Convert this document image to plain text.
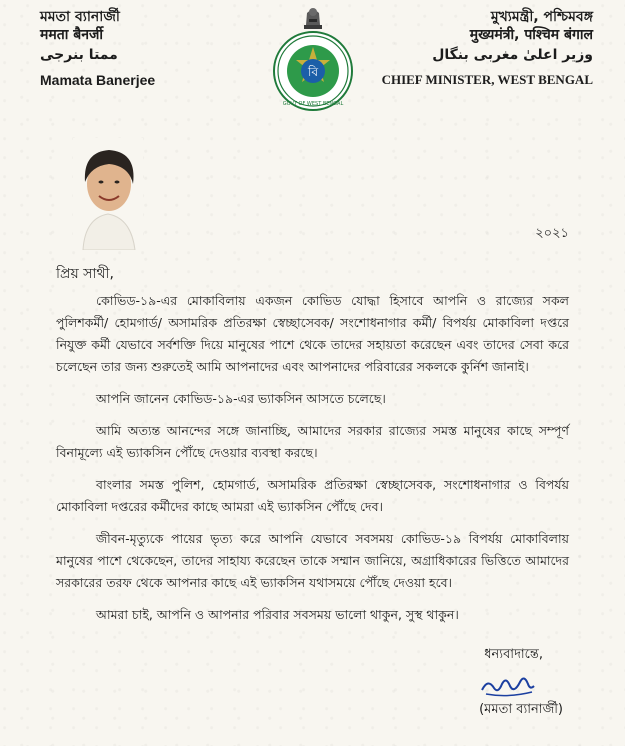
মমতা ব্যানার্জী
ममता बैनर्जी
ممتا بنرجی
Mamata Banerjee
মুখ্যমন্ত্রী, পশ্চিমবঙ্গ
मुख्यमंत्री, पश्चिम बंगाल
وزیر اعلیٰ مغربی بنگال
CHIEF MINISTER, WEST BENGAL
বি
GOVT OF WEST BENGAL
২০২১
প্রিয় সাথী,

কোভিড-১৯-এর মোকাবিলায় একজন কোভিড যোদ্ধা হিসাবে আপনি ও রাজ্যের সকল পুলিশকর্মী/ হোমগার্ড/ অসামরিক প্রতিরক্ষা স্বেচ্ছাসেবক/ সংশোধনাগার কর্মী/ বিপর্যয় মোকাবিলা দপ্তরে নিযুক্ত কর্মী যেভাবে সর্বশক্তি দিয়ে মানুষের পাশে থেকে তাদের সহায়তা করেছেন এবং তাদের সেবা করে চলেছেন তার জন্য শুরুতেই আমি আপনাদের এবং আপনাদের পরিবারের সকলকে কুর্নিশ জানাই।

আপনি জানেন কোভিড-১৯-এর ভ্যাকসিন আসতে চলেছে।

আমি অত্যন্ত আনন্দের সঙ্গে জানাচ্ছি, আমাদের সরকার রাজ্যের সমস্ত মানুষের কাছে সম্পূর্ণ বিনামূল্যে এই ভ্যাকসিন পৌঁছে দেওয়ার ব্যবস্থা করছে।

বাংলার সমস্ত পুলিশ, হোমগার্ড, অসামরিক প্রতিরক্ষা স্বেচ্ছাসেবক, সংশোধনাগার ও বিপর্যয় মোকাবিলা দপ্তরের কর্মীদের কাছে আমরা এই ভ্যাকসিন পৌঁছে দেব।

জীবন-মৃত্যুকে পায়ের ভৃত্য করে আপনি যেভাবে সবসময় কোভিড-১৯ বিপর্যয় মোকাবিলায় মানুষের পাশে থেকেছেন, তাদের সাহায্য করেছেন তাকে সম্মান জানিয়ে, অগ্রাধিকারের ভিত্তিতে আমাদের সরকারের তরফ থেকে আপনার কাছে এই ভ্যাকসিন যথাসময়ে পৌঁছে দেওয়া হবে।

আমরা চাই, আপনি ও আপনার পরিবার সবসময় ভালো থাকুন, সুস্থ থাকুন।

ধন্যবাদান্তে,
(মমতা ব্যানার্জী)
